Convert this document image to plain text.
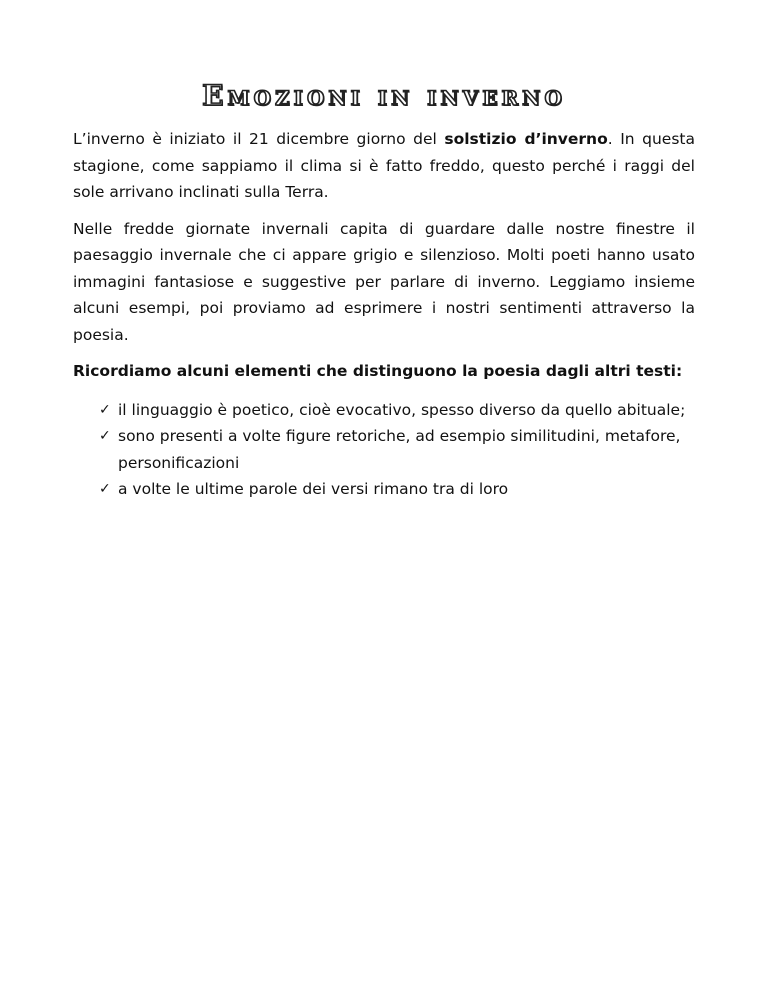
Emozioni in inverno

L’inverno è iniziato il 21 dicembre giorno del solstizio d’inverno. In questa stagione, come sappiamo il clima si è fatto freddo, questo perché i raggi del sole arrivano inclinati sulla Terra.

Nelle fredde giornate invernali capita di guardare dalle nostre finestre il paesaggio invernale che ci appare grigio e silenzioso. Molti poeti hanno usato immagini fantasiose e suggestive per parlare di inverno. Leggiamo insieme alcuni esempi, poi proviamo ad esprimere i nostri sentimenti attraverso la poesia.

Ricordiamo alcuni elementi che distinguono la poesia dagli altri testi:

✓ il linguaggio è poetico, cioè evocativo, spesso diverso da quello abituale;
✓ sono presenti a volte figure retoriche, ad esempio similitudini, metafore, personificazioni
✓ a volte le ultime parole dei versi rimano tra di loro
